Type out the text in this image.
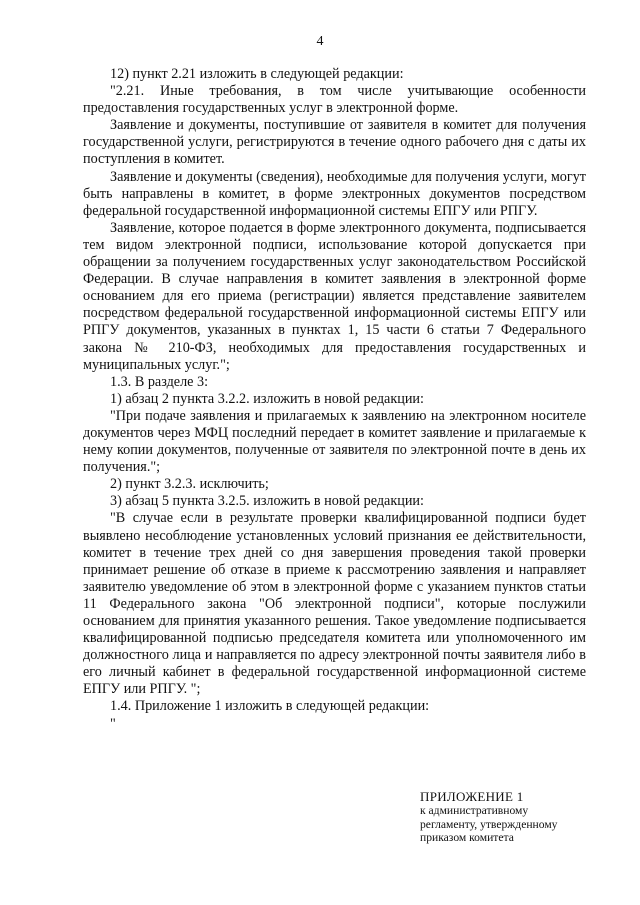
4

12) пункт 2.21 изложить в следующей редакции:

"2.21. Иные требования, в том числе учитывающие особенности предоставления государственных услуг в электронной форме.

Заявление и документы, поступившие от заявителя в комитет для получения государственной услуги, регистрируются в течение одного рабочего дня с даты их поступления в комитет.

Заявление и документы (сведения), необходимые для получения услуги, могут быть направлены в комитет, в форме электронных документов посредством федеральной государственной информационной системы ЕПГУ или РПГУ.

Заявление, которое подается в форме электронного документа, подписывается тем видом электронной подписи, использование которой допускается при обращении за получением государственных услуг законодательством Российской Федерации. В случае направления в комитет заявления в электронной форме основанием для его приема (регистрации) является представление заявителем посредством федеральной государственной информационной системы ЕПГУ или РПГУ документов, указанных в пунктах 1, 15 части 6 статьи 7 Федерального закона № 210-ФЗ, необходимых для предоставления государственных и муниципальных услуг.";

1.3. В разделе 3:

1) абзац 2 пункта 3.2.2. изложить в новой редакции:

"При подаче заявления и прилагаемых к заявлению на электронном носителе документов через МФЦ последний передает в комитет заявление и прилагаемые к нему копии документов, полученные от заявителя по электронной почте в день их получения.";

2) пункт 3.2.3. исключить;

3) абзац 5 пункта 3.2.5. изложить в новой редакции:

"В случае если в результате проверки квалифицированной подписи будет выявлено несоблюдение установленных условий признания ее действительности, комитет в течение трех дней со дня завершения проведения такой проверки принимает решение об отказе в приеме к рассмотрению заявления и направляет заявителю уведомление об этом в электронной форме с указанием пунктов статьи 11 Федерального закона "Об электронной подписи", которые послужили основанием для принятия указанного решения. Такое уведомление подписывается квалифицированной подписью председателя комитета или уполномоченного им должностного лица и направляется по адресу электронной почты заявителя либо в его личный кабинет в федеральной государственной информационной системе ЕПГУ или РПГУ. ";

1.4. Приложение 1 изложить в следующей редакции:

"

ПРИЛОЖЕНИЕ 1

к административному

регламенту, утвержденному

приказом комитета
